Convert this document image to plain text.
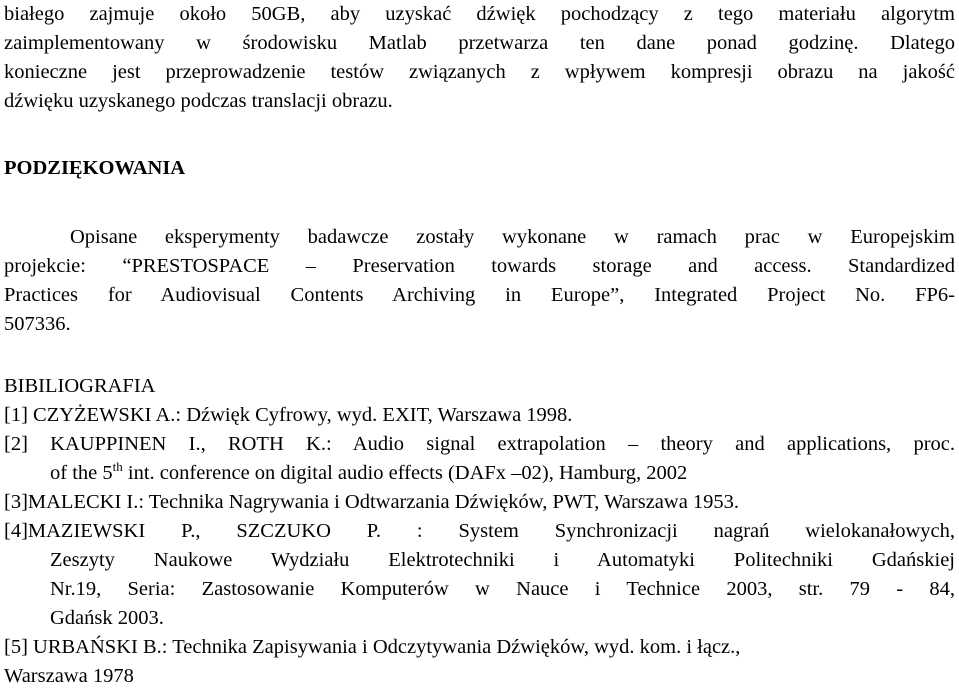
białego zajmuje około 50GB, aby uzyskać dźwięk pochodzący z tego materiału algorytm
zaimplementowany w środowisku Matlab przetwarza ten dane ponad godzinę. Dlatego
konieczne jest przeprowadzenie testów związanych z wpływem kompresji obrazu na jakość
dźwięku uzyskanego podczas translacji obrazu.
PODZIĘKOWANIA
Opisane eksperymenty badawcze zostały wykonane w ramach prac w Europejskim
projekcie: “PRESTOSPACE – Preservation towards storage and access. Standardized
Practices for Audiovisual Contents Archiving in Europe”, Integrated Project No. FP6-
507336.
BIBILIOGRAFIA
[1] CZYŻEWSKI A.: Dźwięk Cyfrowy, wyd. EXIT, Warszawa 1998.
[2] KAUPPINEN I., ROTH K.: Audio signal extrapolation – theory and applications, proc.
of the 5th int. conference on digital audio effects (DAFx –02), Hamburg, 2002
[3]MALECKI I.: Technika Nagrywania i Odtwarzania Dźwięków, PWT, Warszawa 1953.
[4]MAZIEWSKI P., SZCZUKO P. : System Synchronizacji nagrań wielokanałowych,
Zeszyty Naukowe Wydziału Elektrotechniki i Automatyki Politechniki Gdańskiej
Nr.19, Seria: Zastosowanie Komputerów w Nauce i Technice 2003, str. 79 - 84,
Gdańsk 2003.
[5] URBAŃSKI B.: Technika Zapisywania i Odczytywania Dźwięków, wyd. kom. i łącz.,
Warszawa 1978
